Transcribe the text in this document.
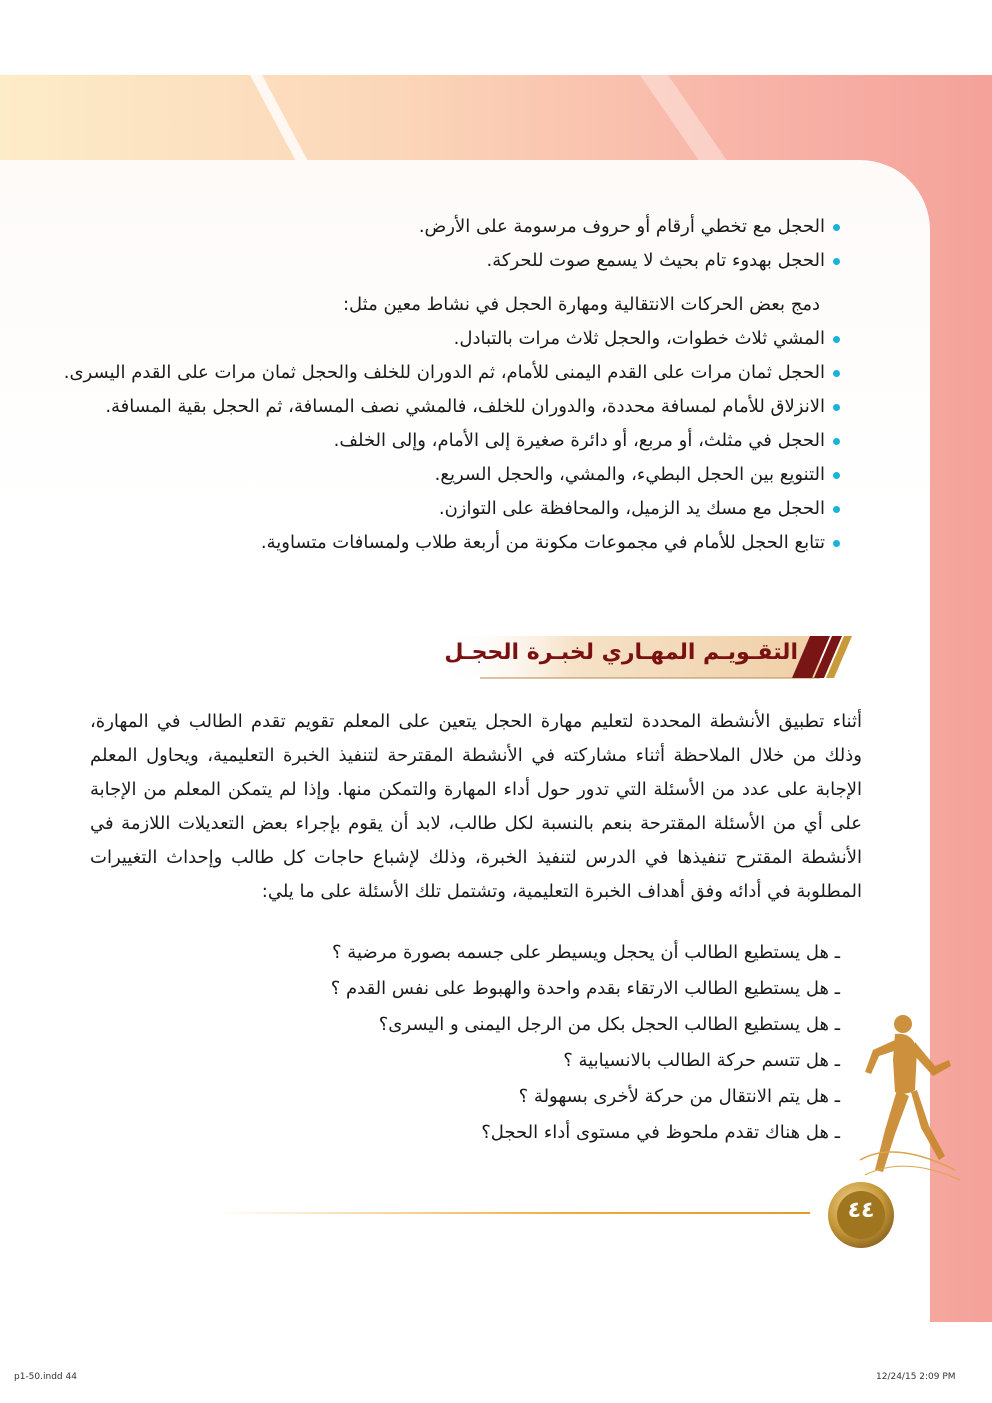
الحجل مع تخطي أرقام أو حروف مرسومة على الأرض.
الحجل بهدوء تام بحيث لا يسمع صوت للحركة.
دمج بعض الحركات الانتقالية ومهارة الحجل في نشاط معين مثل:
المشي ثلاث خطوات، والحجل ثلاث مرات بالتبادل.
الحجل ثمان مرات على القدم اليمنى للأمام، ثم الدوران للخلف والحجل ثمان مرات على القدم اليسرى.
الانزلاق للأمام لمسافة محددة، والدوران للخلف، فالمشي نصف المسافة، ثم الحجل بقية المسافة.
الحجل في مثلث، أو مربع، أو دائرة صغيرة إلى الأمام، وإلى الخلف.
التنويع بين الحجل البطيء، والمشي، والحجل السريع.
الحجل مع مسك يد الزميل، والمحافظة على التوازن.
تتابع الحجل للأمام في مجموعات مكونة من أربعة طلاب ولمسافات متساوية.
التقـويـم المهـاري لخبـرة الحجـل
أثناء تطبيق الأنشطة المحددة لتعليم مهارة الحجل يتعين على المعلم تقويم تقدم الطالب في المهارة، وذلك من خلال الملاحظة أثناء مشاركته في الأنشطة المقترحة لتنفيذ الخبرة التعليمية، ويحاول المعلم الإجابة على عدد من الأسئلة التي تدور حول أداء المهارة والتمكن منها. وإذا لم يتمكن المعلم من الإجابة على أي من الأسئلة المقترحة بنعم بالنسبة لكل طالب، لابد أن يقوم بإجراء بعض التعديلات اللازمة في الأنشطة المقترح تنفيذها في الدرس لتنفيذ الخبرة، وذلك لإشباع حاجات كل طالب وإحداث التغييرات المطلوبة في أدائه وفق أهداف الخبرة التعليمية، وتشتمل تلك الأسئلة على ما يلي:
ـ هل يستطيع الطالب أن يحجل ويسيطر على جسمه بصورة مرضية ؟
ـ هل يستطيع الطالب الارتقاء بقدم واحدة والهبوط على نفس القدم ؟
ـ هل يستطيع الطالب الحجل بكل من الرجل اليمنى و اليسرى؟
ـ هل تتسم حركة الطالب بالانسيابية ؟
ـ هل يتم الانتقال من حركة لأخرى بسهولة ؟
ـ هل هناك تقدم ملحوظ في مستوى أداء الحجل؟
٤٤
p1-50.indd 44	12/24/15 2:09 PM
